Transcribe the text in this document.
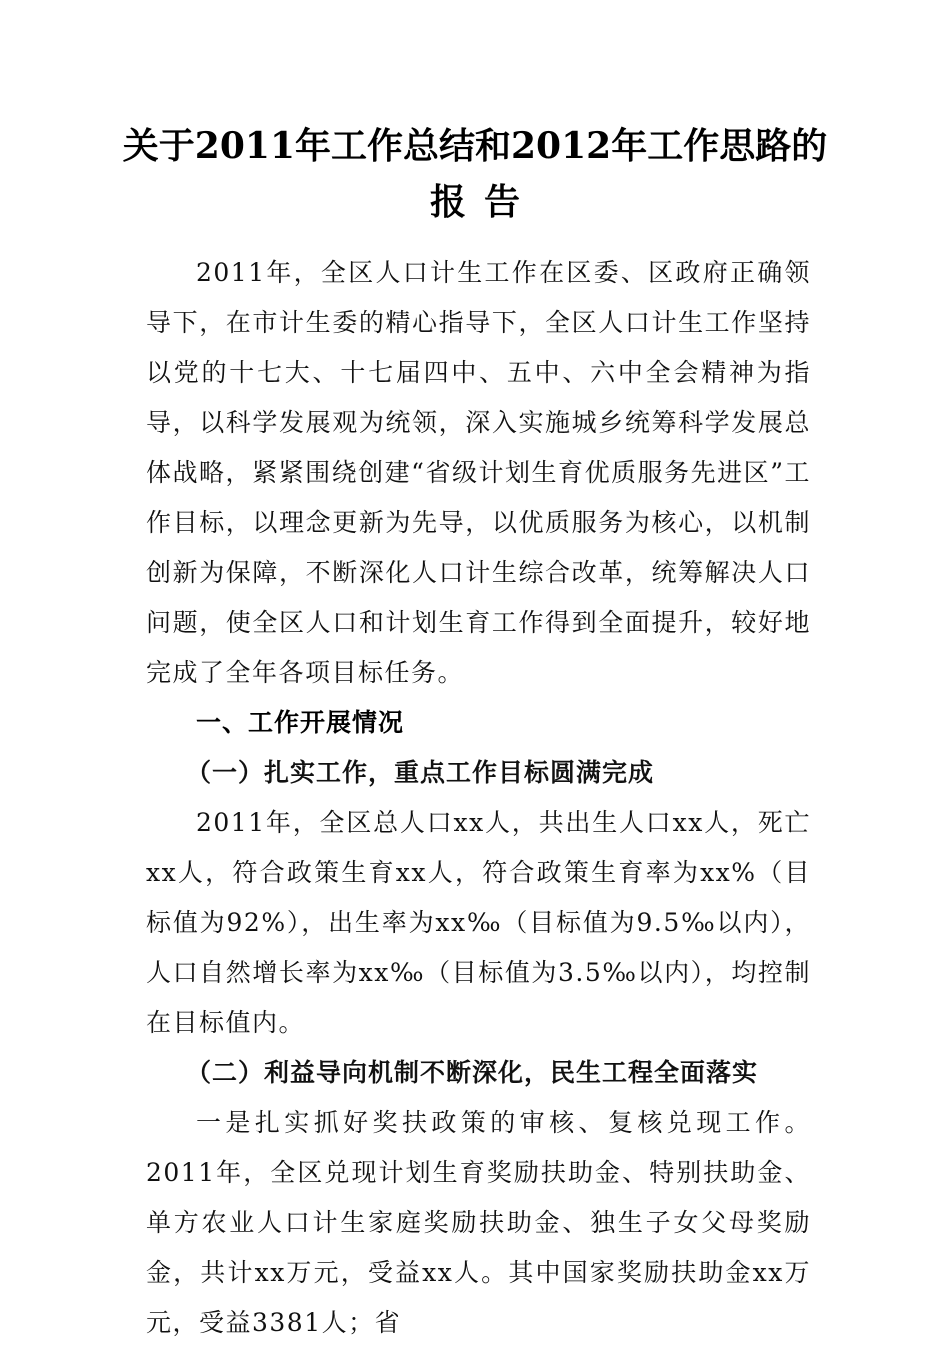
关于2011年工作总结和2012年工作思路的
报告

2011年，全区人口计生工作在区委、区政府正确领导下，在市计生委的精心指导下，全区人口计生工作坚持以党的十七大、十七届四中、五中、六中全会精神为指导，以科学发展观为统领，深入实施城乡统筹科学发展总体战略，紧紧围绕创建“省级计划生育优质服务先进区”工作目标，以理念更新为先导，以优质服务为核心，以机制创新为保障，不断深化人口计生综合改革，统筹解决人口问题，使全区人口和计划生育工作得到全面提升，较好地完成了全年各项目标任务。

一、工作开展情况

（一）扎实工作，重点工作目标圆满完成

2011年，全区总人口xx人，共出生人口xx人，死亡xx人，符合政策生育xx人，符合政策生育率为xx%（目标值为92%），出生率为xx‰（目标值为9.5‰以内），人口自然增长率为xx‰（目标值为3.5‰以内），均控制在目标值内。

（二）利益导向机制不断深化，民生工程全面落实

一是扎实抓好奖扶政策的审核、复核兑现工作。2011年，全区兑现计划生育奖励扶助金、特别扶助金、单方农业人口计生家庭奖励扶助金、独生子女父母奖励金，共计xx万元，受益xx人。其中国家奖励扶助金xx万元，受益3381人；省
